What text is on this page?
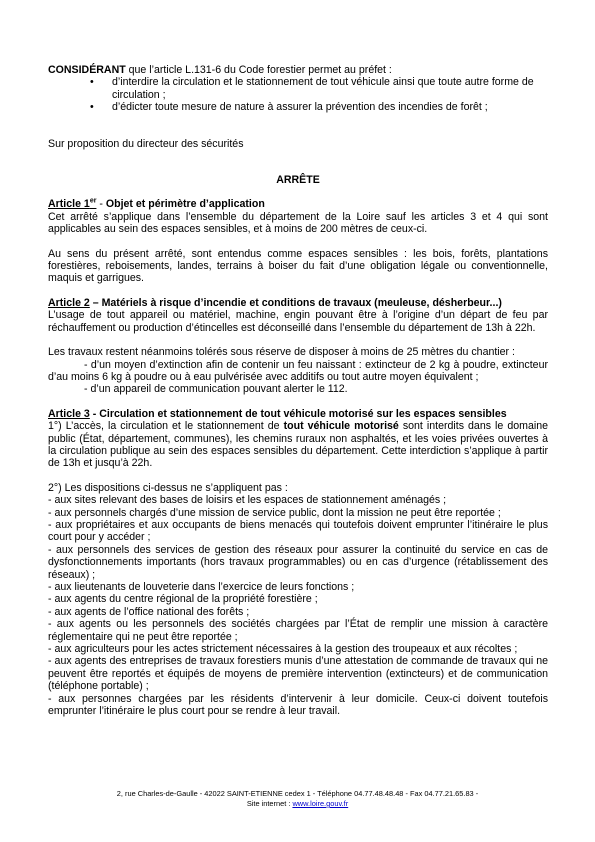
CONSIDÉRANT que l’article L.131-6 du Code forestier permet au préfet :

•	d’interdire la circulation et le stationnement de tout véhicule ainsi que toute autre forme de circulation ;
•	d’édicter toute mesure de nature à assurer la prévention des incendies de forêt ;

Sur proposition du directeur des sécurités

ARRÊTE

Article 1er - Objet et périmètre d’application

Cet arrêté s’applique dans l’ensemble du département de la Loire sauf les articles 3 et 4 qui sont applicables au sein des espaces sensibles, et à moins de 200 mètres de ceux-ci.

Au sens du présent arrêté, sont entendus comme espaces sensibles : les bois, forêts, plantations forestières, reboisements, landes, terrains à boiser du fait d’une obligation légale ou conventionnelle, maquis et garrigues.

Article 2 – Matériels à risque d’incendie et conditions de travaux (meuleuse, désherbeur...)

L’usage de tout appareil ou matériel, machine, engin pouvant être à l’origine d’un départ de feu par réchauffement ou production d’étincelles est déconseillé dans l’ensemble du département de 13h à 22h.

Les travaux restent néanmoins tolérés sous réserve de disposer à moins de 25 mètres du chantier :

- d’un moyen d’extinction afin de contenir un feu naissant : extincteur de 2 kg à poudre, extincteur d’au moins 6 kg à poudre ou à eau pulvérisée avec additifs ou tout autre moyen équivalent ;

- d’un appareil de communication pouvant alerter le 112.

Article 3 - Circulation et stationnement de tout véhicule motorisé sur les espaces sensibles

1°) L’accès, la circulation et le stationnement de tout véhicule motorisé sont interdits dans le domaine public (État, département, communes), les chemins ruraux non asphaltés, et les voies privées ouvertes à la circulation publique au sein des espaces sensibles du département. Cette interdiction s’applique à partir de 13h et jusqu’à 22h.

2°) Les dispositions ci-dessus ne s’appliquent pas :

- aux sites relevant des bases de loisirs et les espaces de stationnement aménagés ;

- aux personnels chargés d’une mission de service public, dont la mission ne peut être reportée ;

- aux propriétaires et aux occupants de biens menacés qui toutefois doivent emprunter l’itinéraire le plus court pour y accéder ;

- aux personnels des services de gestion des réseaux pour assurer la continuité du service en cas de dysfonctionnements importants (hors travaux programmables) ou en cas d’urgence (rétablissement des réseaux) ;

- aux lieutenants de louveterie dans l’exercice de leurs fonctions ;

- aux agents du centre régional de la propriété forestière ;

- aux agents de l’office national des forêts ;

- aux agents ou les personnels des sociétés chargées par l’État de remplir une mission à caractère réglementaire qui ne peut être reportée ;

- aux agriculteurs pour les actes strictement nécessaires à la gestion des troupeaux et aux récoltes ;

- aux agents des entreprises de travaux forestiers munis d’une attestation de commande de travaux qui ne peuvent être reportés et équipés de moyens de première intervention (extincteurs) et de communication (téléphone portable) ;

- aux personnes chargées par les résidents d’intervenir à leur domicile. Ceux-ci doivent toutefois emprunter l’itinéraire le plus court pour se rendre à leur travail.

2, rue Charles-de-Gaulle - 42022 SAINT-ETIENNE cedex 1 - Téléphone 04.77.48.48.48 - Fax 04.77.21.65.83 -
Site internet : www.loire.gouv.fr
